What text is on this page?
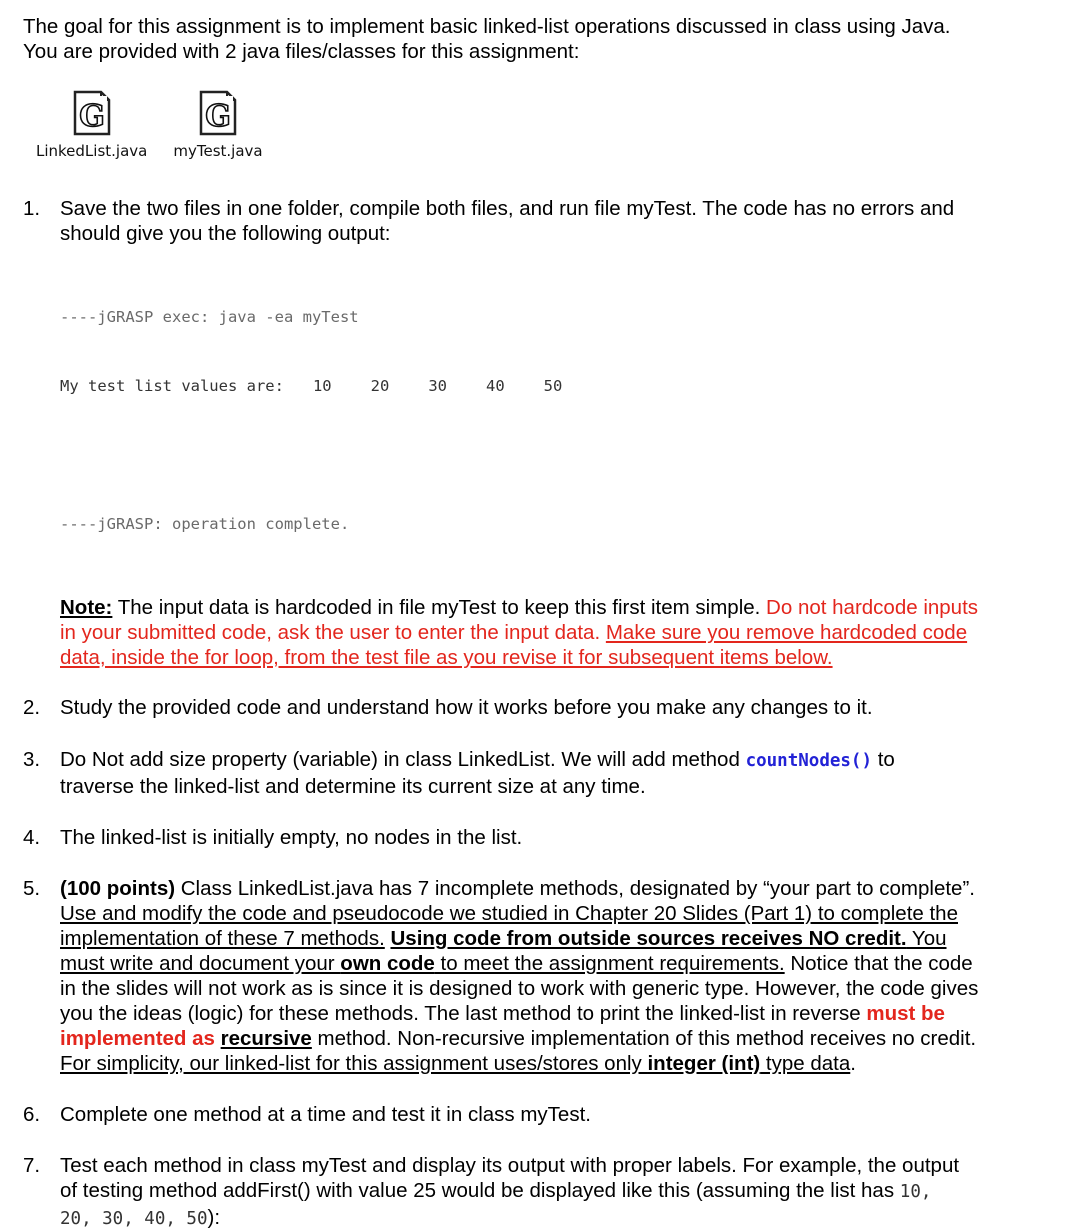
The goal for this assignment is to implement basic linked-list operations discussed in class using Java.
You are provided with 2 java files/classes for this assignment:
G
LinkedList.java
G
myTest.java
1. Save the two files in one folder, compile both files, and run file myTest. The code has no errors and
should give you the following output:

----jGRASP exec: java -ea myTest

My test list values are: 10	20	30	40	50

----jGRASP: operation complete.

Note: The input data is hardcoded in file myTest to keep this first item simple. Do not hardcode inputs
in your submitted code, ask the user to enter the input data. Make sure you remove hardcoded code
data, inside the for loop, from the test file as you revise it for subsequent items below.
2. Study the provided code and understand how it works before you make any changes to it.
3. Do Not add size property (variable) in class LinkedList. We will add method countNodes() to
traverse the linked-list and determine its current size at any time.
4. The linked-list is initially empty, no nodes in the list.
5. (100 points) Class LinkedList.java has 7 incomplete methods, designated by “your part to complete”.
Use and modify the code and pseudocode we studied in Chapter 20 Slides (Part 1) to complete the
implementation of these 7 methods. Using code from outside sources receives NO credit. You
must write and document your own code to meet the assignment requirements. Notice that the code
in the slides will not work as is since it is designed to work with generic type. However, the code gives
you the ideas (logic) for these methods. The last method to print the linked-list in reverse must be
implemented as recursive method. Non-recursive implementation of this method receives no credit.
For simplicity, our linked-list for this assignment uses/stores only integer (int) type data.
6. Complete one method at a time and test it in class myTest.
7. Test each method in class myTest and display its output with proper labels. For example, the output
of testing method addFirst() with value 25 would be displayed like this (assuming the list has 10,
20, 30, 40, 50):
